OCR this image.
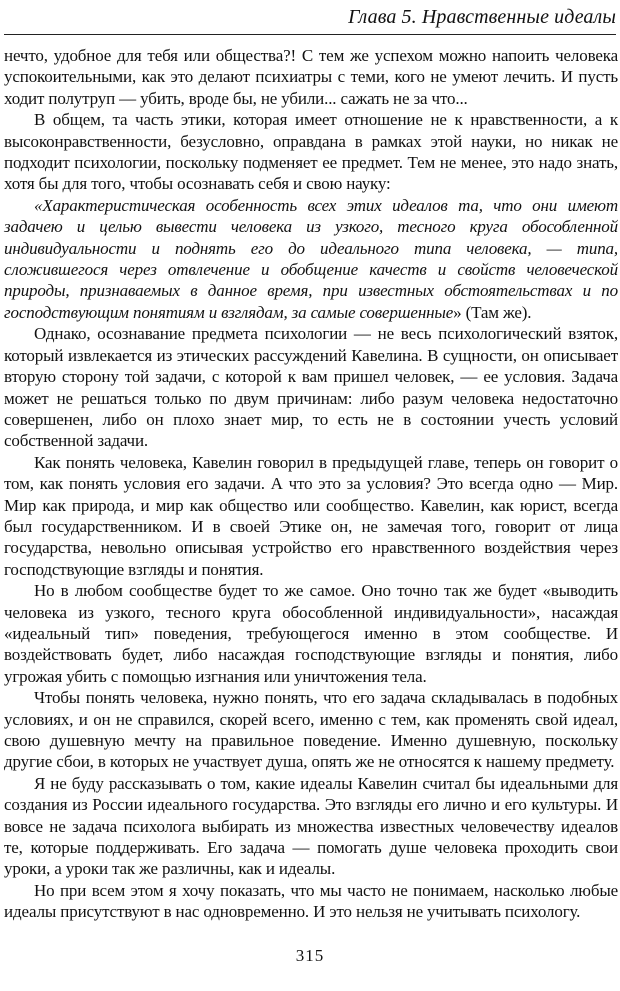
Глава 5. Нравственные идеалы

нечто, удобное для тебя или общества?! С тем же успехом можно напоить человека успокоительными, как это делают психиатры с теми, кого не умеют лечить. И пусть ходит полутруп — убить, вроде бы, не убили... сажать не за что...

В общем, та часть этики, которая имеет отношение не к нравственности, а к высоконравственности, безусловно, оправдана в рамках этой науки, но никак не подходит психологии, поскольку подменяет ее предмет. Тем не менее, это надо знать, хотя бы для того, чтобы осознавать себя и свою науку:

«Характеристическая особенность всех этих идеалов та, что они имеют задачею и целью вывести человека из узкого, тесного круга обособленной индивидуальности и поднять его до идеального типа человека, — типа, сложившегося через отвлечение и обобщение качеств и свойств человеческой природы, признаваемых в данное время, при известных обстоятельствах и по господствующим понятиям и взглядам, за самые совершенные» (Там же).

Однако, осознавание предмета психологии — не весь психологический взяток, который извлекается из этических рассуждений Кавелина. В сущности, он описывает вторую сторону той задачи, с которой к вам пришел человек, — ее условия. Задача может не решаться только по двум причинам: либо разум человека недостаточно совершенен, либо он плохо знает мир, то есть не в состоянии учесть условий собственной задачи.

Как понять человека, Кавелин говорил в предыдущей главе, теперь он говорит о том, как понять условия его задачи. А что это за условия? Это всегда одно — Мир. Мир как природа, и мир как общество или сообщество. Кавелин, как юрист, всегда был государственником. И в своей Этике он, не замечая того, говорит от лица государства, невольно описывая устройство его нравственного воздействия через господствующие взгляды и понятия.

Но в любом сообществе будет то же самое. Оно точно так же будет «выводить человека из узкого, тесного круга обособленной индивидуальности», насаждая «идеальный тип» поведения, требующегося именно в этом сообществе. И воздействовать будет, либо насаждая господствующие взгляды и понятия, либо угрожая убить с помощью изгнания или уничтожения тела.

Чтобы понять человека, нужно понять, что его задача складывалась в подобных условиях, и он не справился, скорей всего, именно с тем, как променять свой идеал, свою душевную мечту на правильное поведение. Именно душевную, поскольку другие сбои, в которых не участвует душа, опять же не относятся к нашему предмету.

Я не буду рассказывать о том, какие идеалы Кавелин считал бы идеальными для создания из России идеального государства. Это взгляды его лично и его культуры. И вовсе не задача психолога выбирать из множества известных человечеству идеалов те, которые поддерживать. Его задача — помогать душе человека проходить свои уроки, а уроки так же различны, как и идеалы.

Но при всем этом я хочу показать, что мы часто не понимаем, насколько любые идеалы присутствуют в нас одновременно. И это нельзя не учитывать психологу.

315
